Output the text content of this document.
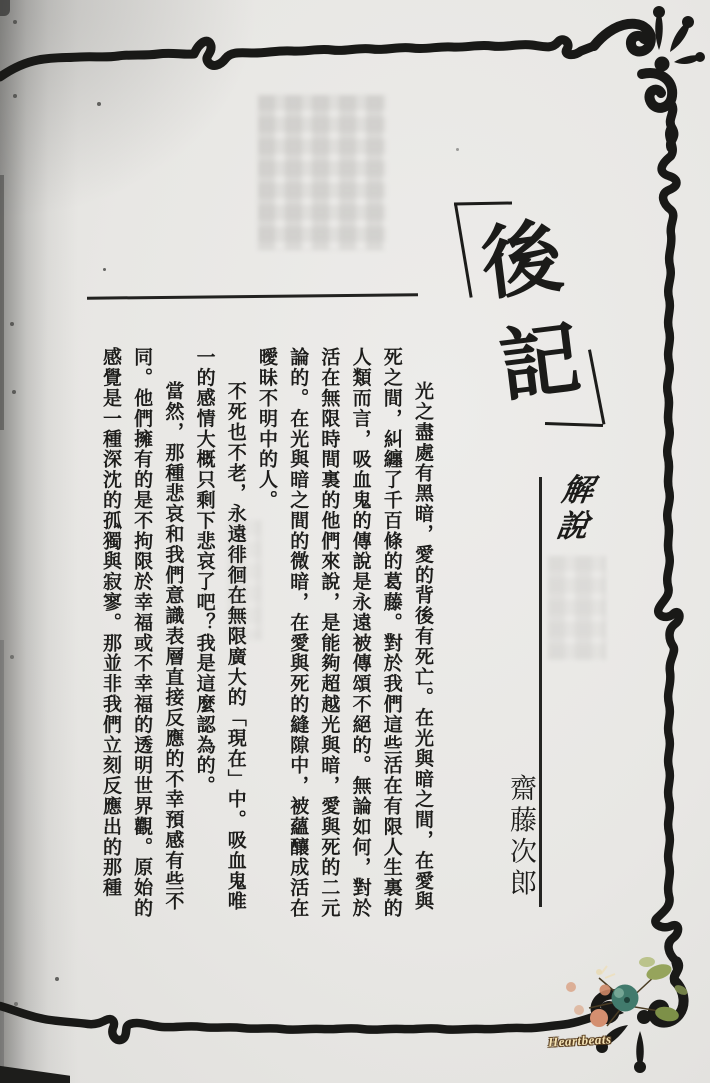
Heartbeats
後
記
解說
齋藤次郎

光之盡處有黑暗，愛的背後有死亡。在光與暗之間，在愛與死之間，糾纏了千百條的葛藤。對於我們這些活在有限人生裏的人類而言，吸血鬼的傳說是永遠被傳頌不絕的。無論如何，對於活在無限時間裏的他們來說，是能夠超越光與暗，愛與死的二元論的。在光與暗之間的微暗，在愛與死的縫隙中，被蘊釀成活在曖昧不明中的人。

不死也不老，永遠徘徊在無限廣大的「現在」中。吸血鬼唯一的感情大概只剩下悲哀了吧？我是這麼認為的。

當然，那種悲哀和我們意識表層直接反應的不幸預感有些不同。他們擁有的是不拘限於幸福或不幸福的透明世界觀。原始的感覺是一種深沈的孤獨與寂寥。那並非我們立刻反應出的那種
